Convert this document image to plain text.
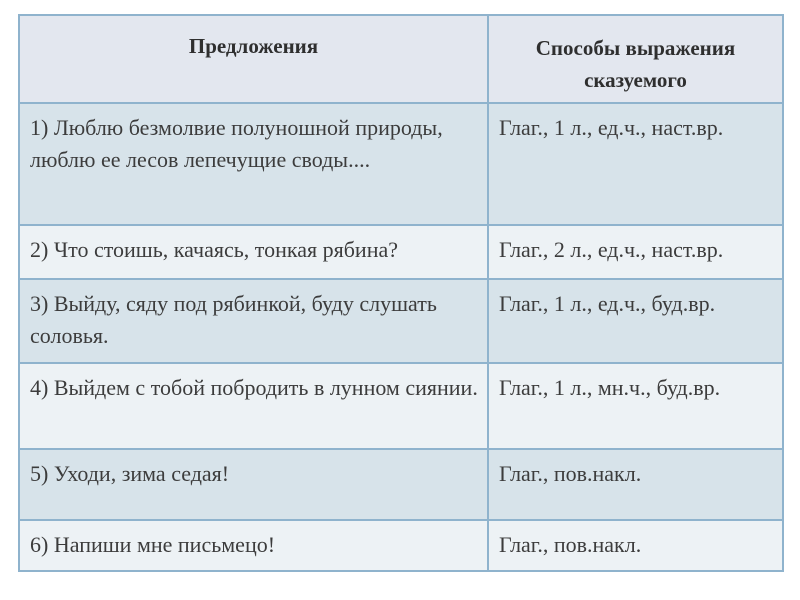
Предложения	Способы выражения сказуемого

1) Люблю безмолвие полуношной природы, люблю ее лесов лепечущие своды....	Глаг., 1 л., ед.ч., наст.вр.

2) Что стоишь, качаясь, тонкая рябина?	Глаг., 2 л., ед.ч., наст.вр.

3) Выйду, сяду под рябинкой, буду слушать соловья.	Глаг., 1 л., ед.ч., буд.вр.

4) Выйдем с тобой побродить в лунном сиянии.	Глаг., 1 л., мн.ч., буд.вр.

5) Уходи, зима седая!	Глаг., пов.накл.

6) Напиши мне письмецо!	Глаг., пов.накл.
